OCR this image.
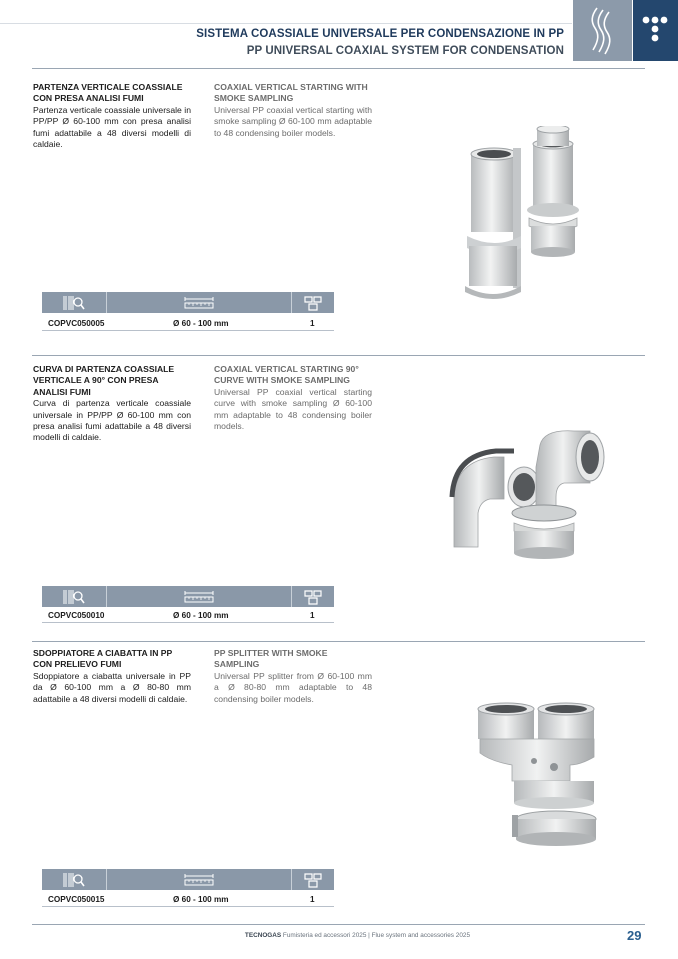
SISTEMA COASSIALE UNIVERSALE PER CONDENSAZIONE IN PP
PP UNIVERSAL COAXIAL SYSTEM FOR CONDENSATION
PARTENZA VERTICALE COASSIALE CON PRESA ANALISI FUMI
Partenza verticale coassiale universale in PP/PP Ø 60-100 mm con presa analisi fumi adattabile a 48 diversi modelli di caldaie.
COAXIAL VERTICAL STARTING WITH SMOKE SAMPLING
Universal PP coaxial vertical starting with smoke sampling Ø 60-100 mm adaptable to 48 condensing boiler models.
COPVC050005	Ø 60 - 100 mm	1
CURVA DI PARTENZA COASSIALE VERTICALE A 90° CON PRESA ANALISI FUMI
Curva di partenza verticale coassiale universale in PP/PP Ø 60-100 mm con presa analisi fumi adattabile a 48 diversi modelli di caldaie.
COAXIAL VERTICAL STARTING 90° CURVE WITH SMOKE SAMPLING
Universal PP coaxial vertical starting curve with smoke sampling Ø 60-100 mm adaptable to 48 condensing boiler models.
COPVC050010	Ø 60 - 100 mm	1
SDOPPIATORE A CIABATTA IN PP CON PRELIEVO FUMI
Sdoppiatore a ciabatta universale in PP da Ø 60-100 mm a Ø 80-80 mm adattabile a 48 diversi modelli di caldaie.
PP SPLITTER WITH SMOKE SAMPLING
Universal PP splitter from Ø 60-100 mm a Ø 80-80 mm adaptable to 48 condensing boiler models.
COPVC050015	Ø 60 - 100 mm	1
TECNOGAS Fumisteria ed accessori 2025 | Flue system and accessories 2025	29
